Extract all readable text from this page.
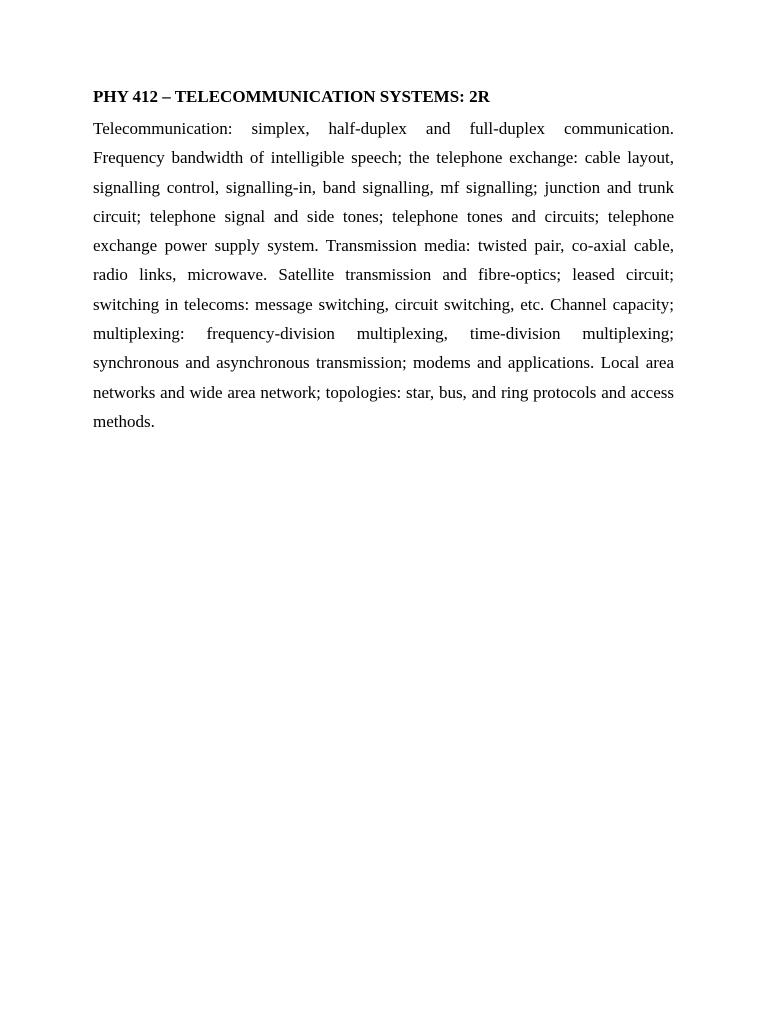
PHY 412 – TELECOMMUNICATION SYSTEMS: 2R

Telecommunication: simplex, half-duplex and full-duplex communication. Frequency bandwidth of intelligible speech; the telephone exchange: cable layout, signalling control, signalling-in, band signalling, mf signalling; junction and trunk circuit; telephone signal and side tones; telephone tones and circuits; telephone exchange power supply system. Transmission media: twisted pair, co-axial cable, radio links, microwave. Satellite transmission and fibre-optics; leased circuit; switching in telecoms: message switching, circuit switching, etc. Channel capacity; multiplexing: frequency-division multiplexing, time-division multiplexing; synchronous and asynchronous transmission; modems and applications. Local area networks and wide area network; topologies: star, bus, and ring protocols and access methods.
